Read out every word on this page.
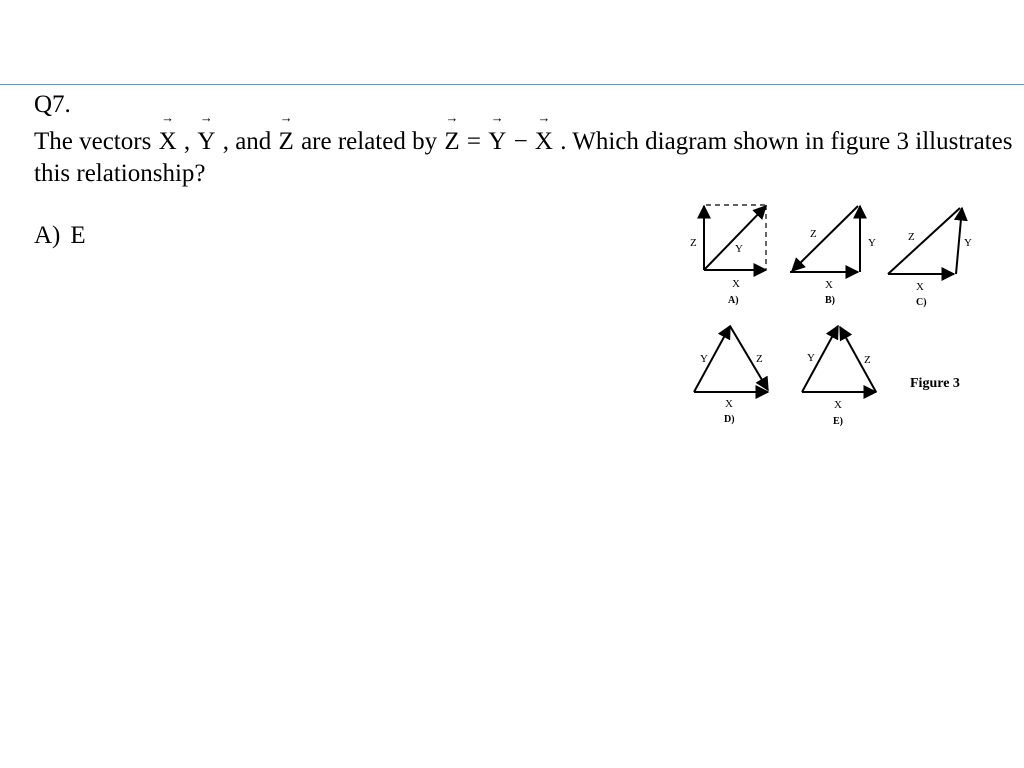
Q7.
The vectors → X , → Y , and → Z are related by → Z = → Y − → X . Which diagram shown in figure 3 illustrates this relationship?
A) E	Z	Y
X
A)
Z
Y
X
B)
Z	Y
X
C)
Y	Z
X
D)
Y	Z
X
E)
Figure 3
